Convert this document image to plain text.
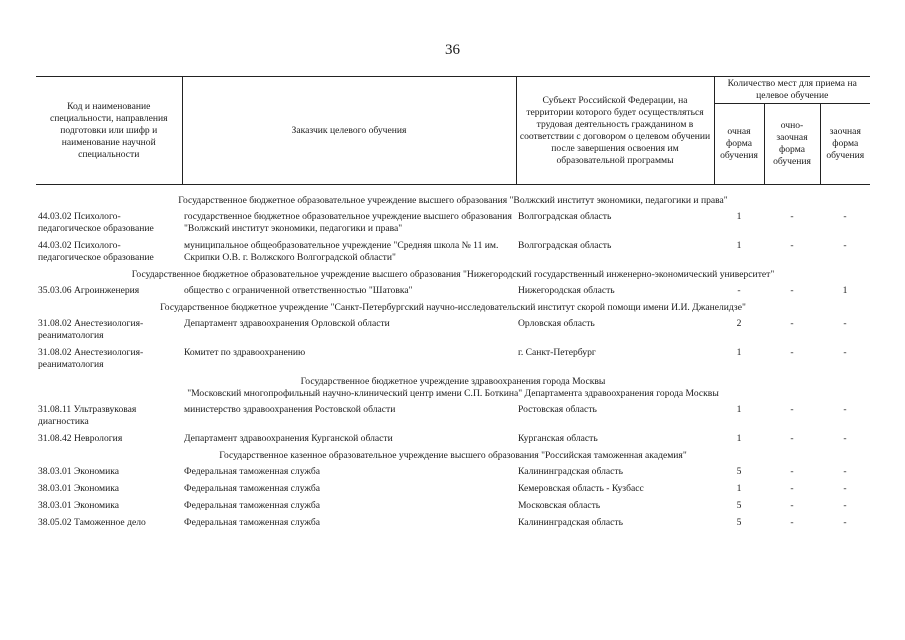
36
Код и наименование специальности, направления подготовки или шифр и наименование научной специальности	Заказчик целевого обучения	Субъект Российской Федерации, на территории которого будет осуществляться трудовая деятельность гражданином в соответствии с договором о целевом обучении после завершения освоения им образовательной программы	Количество мест для приема на целевое обучение		
			очная форма обучения	очно-заочная форма обучения	заочная форма обучения

Государственное бюджетное образовательное учреждение высшего образования "Волжский институт экономики, педагогики и права"					

44.03.02 Психолого-педагогическое образование	государственное бюджетное образовательное учреждение высшего образования "Волжский институт экономики, педагогики и права"	Волгоградская область	1	-	-
44.03.02 Психолого-педагогическое образование	муниципальное общеобразовательное учреждение "Средняя школа № 11 им. Скрипки О.В. г. Волжского Волгоградской области"	Волгоградская область	1	-	-

Государственное бюджетное образовательное учреждение высшего образования "Нижегородский государственный инженерно-экономический университет"					

35.03.06 Агроинженерия	общество с ограниченной ответственностью "Шатовка"	Нижегородская область	-	-	1

Государственное бюджетное учреждение "Санкт-Петербургский научно-исследовательский институт скорой помощи имени И.И. Джанелидзе"					

31.08.02 Анестезиология-реаниматология	Департамент здравоохранения Орловской области	Орловская область	2	-	-
31.08.02 Анестезиология-реаниматология	Комитет по здравоохранению	г. Санкт-Петербург	1	-	-

Государственное бюджетное учреждение здравоохранения города Москвы
"Московский многопрофильный научно-клинический центр имени С.П. Боткина" Департамента здравоохранения города Москвы					

31.08.11 Ультразвуковая диагностика	министерство здравоохранения Ростовской области	Ростовская область	1	-	-
31.08.42 Неврология	Департамент здравоохранения Курганской области	Курганская область	1	-	-

Государственное казенное образовательное учреждение высшего образования "Российская таможенная академия"					

38.03.01 Экономика	Федеральная таможенная служба	Калининградская область	5	-	-
38.03.01 Экономика	Федеральная таможенная служба	Кемеровская область - Кузбасс	1	-	-
38.03.01 Экономика	Федеральная таможенная служба	Московская область	5	-	-
38.05.02 Таможенное дело	Федеральная таможенная служба	Калининградская область	5	-	-
